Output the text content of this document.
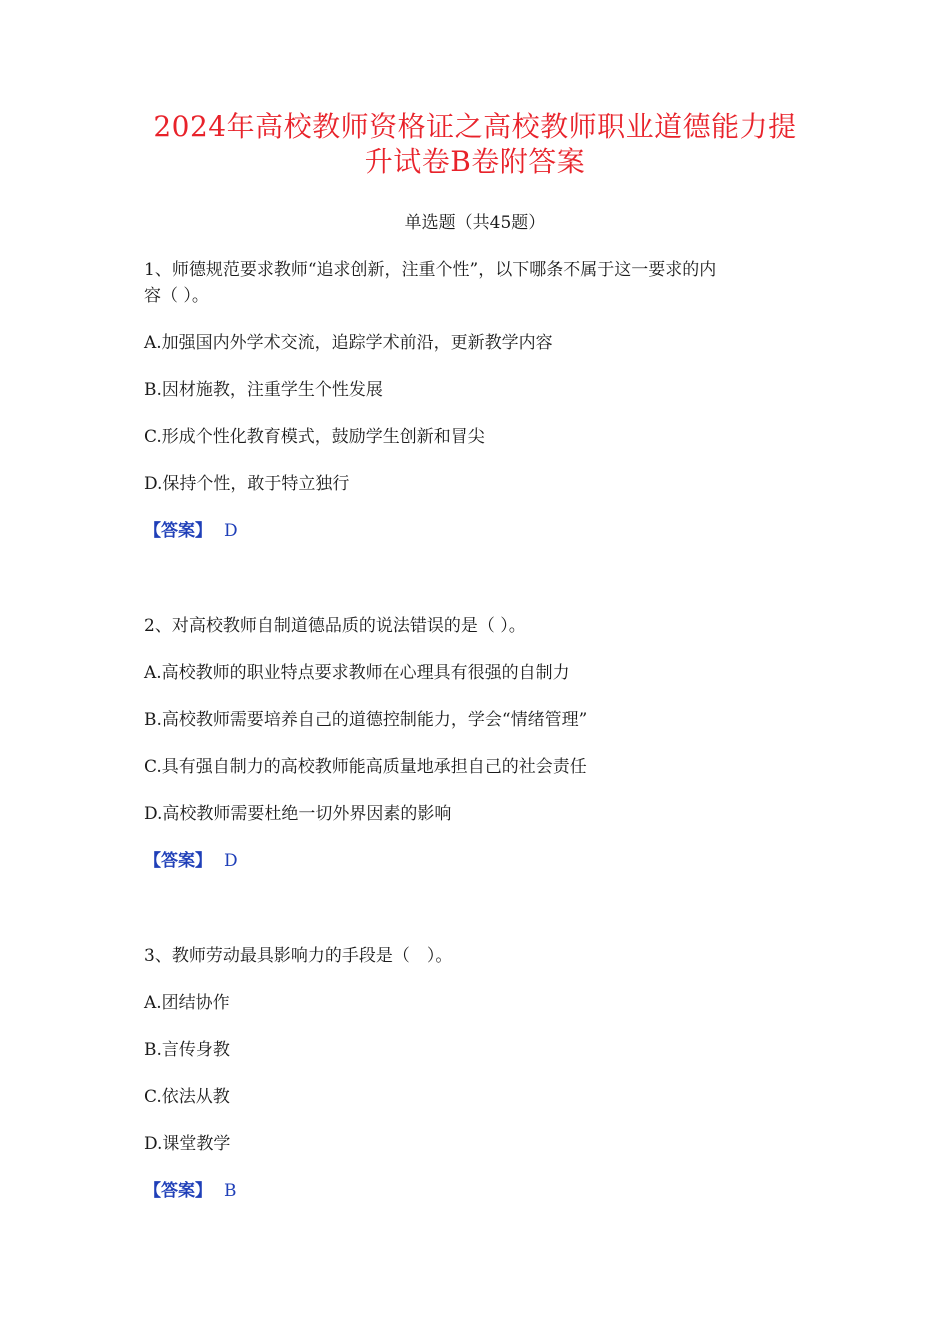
2024年高校教师资格证之高校教师职业道德能力提
升试卷B卷附答案
单选题（共45题）
1、师德规范要求教师“追求创新，注重个性”，以下哪条不属于这一要求的内
容（ ）。
A.加强国内外学术交流，追踪学术前沿，更新教学内容
B.因材施教，注重学生个性发展
C.形成个性化教育模式，鼓励学生创新和冒尖
D.保持个性，敢于特立独行
【答案】 D
2、对高校教师自制道德品质的说法错误的是（ ）。
A.高校教师的职业特点要求教师在心理具有很强的自制力
B.高校教师需要培养自己的道德控制能力，学会“情绪管理”
C.具有强自制力的高校教师能高质量地承担自己的社会责任
D.高校教师需要杜绝一切外界因素的影响
【答案】 D
3、教师劳动最具影响力的手段是（　）。
A.团结协作
B.言传身教
C.依法从教
D.课堂教学
【答案】 B
